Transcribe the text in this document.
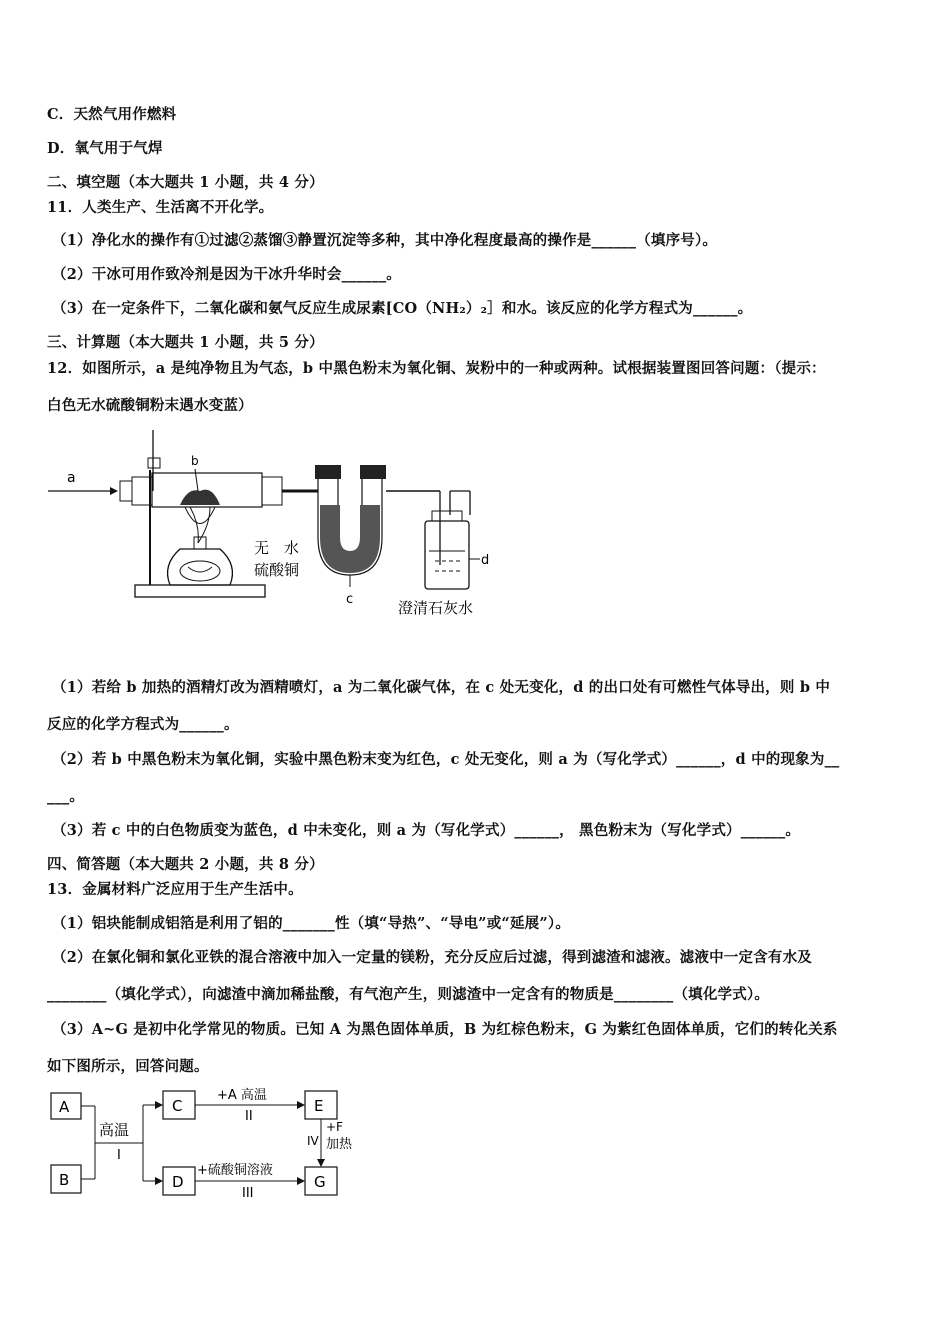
C．天然气用作燃料
D．氧气用于气焊
二、填空题（本大题共 1 小题，共 4 分）
11．人类生产、生活离不开化学。
（1）净化水的操作有①过滤②蒸馏③静置沉淀等多种，其中净化程度最高的操作是______（填序号）。
（2）干冰可用作致冷剂是因为干冰升华时会______。
（3）在一定条件下，二氧化碳和氨气反应生成尿素[CO（NH₂）₂］和水。该反应的化学方程式为______。
三、计算题（本大题共 1 小题，共 5 分）
12．如图所示，a 是纯净物且为气态，b 中黑色粉末为氧化铜、炭粉中的一种或两种。试根据装置图回答问题：（提示：
白色无水硫酸铜粉末遇水变蓝）
a
b
c
无　水
硫酸铜
d
澄清石灰水
（1）若给 b 加热的酒精灯改为酒精喷灯，a 为二氧化碳气体，在 c 处无变化，d 的出口处有可燃性气体导出，则 b 中
反应的化学方程式为______。
（2）若 b 中黑色粉末为氧化铜，实验中黑色粉末变为红色，c 处无变化，则 a 为（写化学式）______，d 中的现象为__
___。
（3）若 c 中的白色物质变为蓝色，d 中未变化，则 a 为（写化学式）______， 黑色粉末为（写化学式）______。
四、简答题（本大题共 2 小题，共 8 分）
13．金属材料广泛应用于生产生活中。
（1）铝块能制成铝箔是利用了铝的_______性（填“导热”、“导电”或“延展”）。
（2）在氯化铜和氯化亚铁的混合溶液中加入一定量的镁粉，充分反应后过滤，得到滤渣和滤液。滤液中一定含有水及
________（填化学式），向滤渣中滴加稀盐酸，有气泡产生，则滤渣中一定含有的物质是________（填化学式）。
（3）A~G 是初中化学常见的物质。已知 A 为黑色固体单质，B 为红棕色粉末，G 为紫红色固体单质，它们的转化关系
如下图所示，回答问题。
A
B
C
D
E
G
高温
I
+A 高温
II
+硫酸铜溶液
III
+F
加热
IV
